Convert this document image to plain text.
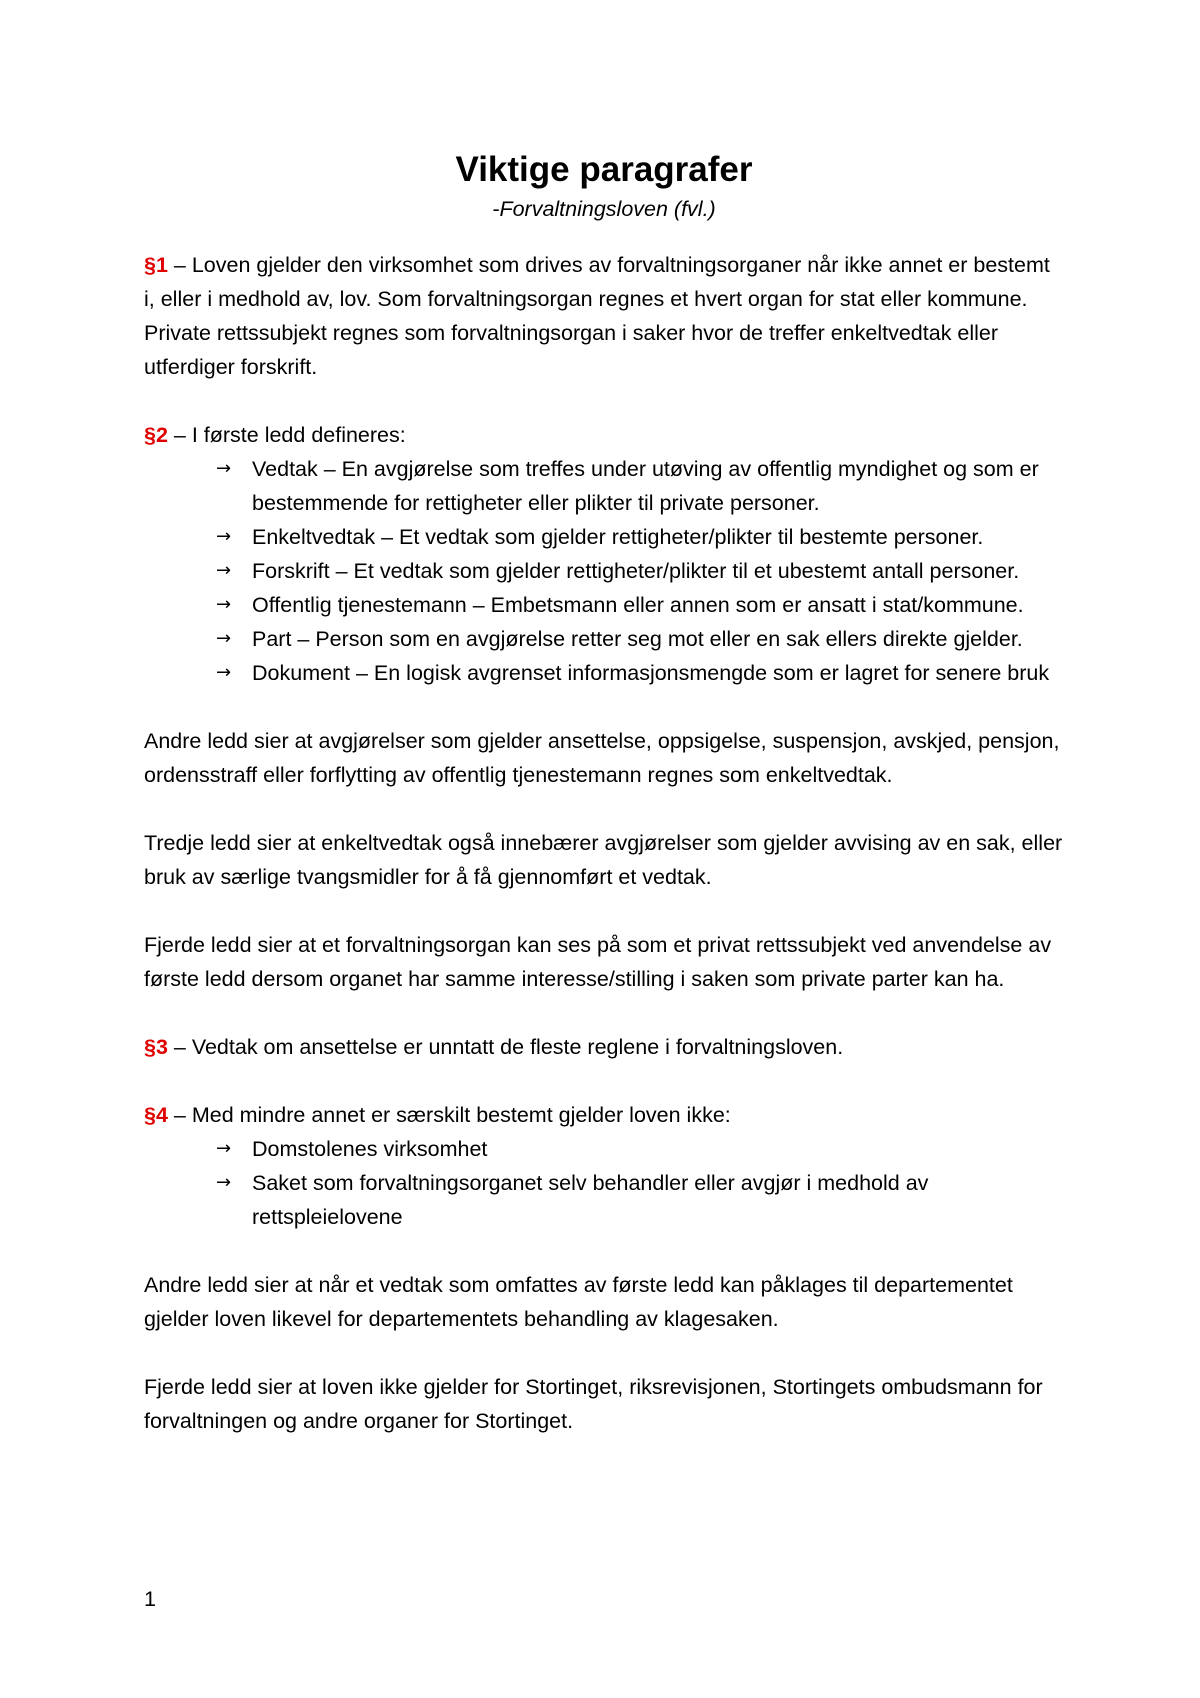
Viktige paragrafer

-Forvaltningsloven (fvl.)

§1 – Loven gjelder den virksomhet som drives av forvaltningsorganer når ikke annet er bestemt i, eller i medhold av, lov. Som forvaltningsorgan regnes et hvert organ for stat eller kommune. Private rettssubjekt regnes som forvaltningsorgan i saker hvor de treffer enkeltvedtak eller utferdiger forskrift.

§2 – I første ledd defineres:

→ Vedtak – En avgjørelse som treffes under utøving av offentlig myndighet og som er bestemmende for rettigheter eller plikter til private personer.
→ Enkeltvedtak – Et vedtak som gjelder rettigheter/plikter til bestemte personer.
→ Forskrift – Et vedtak som gjelder rettigheter/plikter til et ubestemt antall personer.
→ Offentlig tjenestemann – Embetsmann eller annen som er ansatt i stat/kommune.
→ Part – Person som en avgjørelse retter seg mot eller en sak ellers direkte gjelder.
→ Dokument – En logisk avgrenset informasjonsmengde som er lagret for senere bruk

Andre ledd sier at avgjørelser som gjelder ansettelse, oppsigelse, suspensjon, avskjed, pensjon, ordensstraff eller forflytting av offentlig tjenestemann regnes som enkeltvedtak.

Tredje ledd sier at enkeltvedtak også innebærer avgjørelser som gjelder avvising av en sak, eller bruk av særlige tvangsmidler for å få gjennomført et vedtak.

Fjerde ledd sier at et forvaltningsorgan kan ses på som et privat rettssubjekt ved anvendelse av første ledd dersom organet har samme interesse/stilling i saken som private parter kan ha.

§3 – Vedtak om ansettelse er unntatt de fleste reglene i forvaltningsloven.

§4 – Med mindre annet er særskilt bestemt gjelder loven ikke:

→ Domstolenes virksomhet
→ Saket som forvaltningsorganet selv behandler eller avgjør i medhold av rettspleielovene

Andre ledd sier at når et vedtak som omfattes av første ledd kan påklages til departementet gjelder loven likevel for departementets behandling av klagesaken.

Fjerde ledd sier at loven ikke gjelder for Stortinget, riksrevisjonen, Stortingets ombudsmann for forvaltningen og andre organer for Stortinget.

1
